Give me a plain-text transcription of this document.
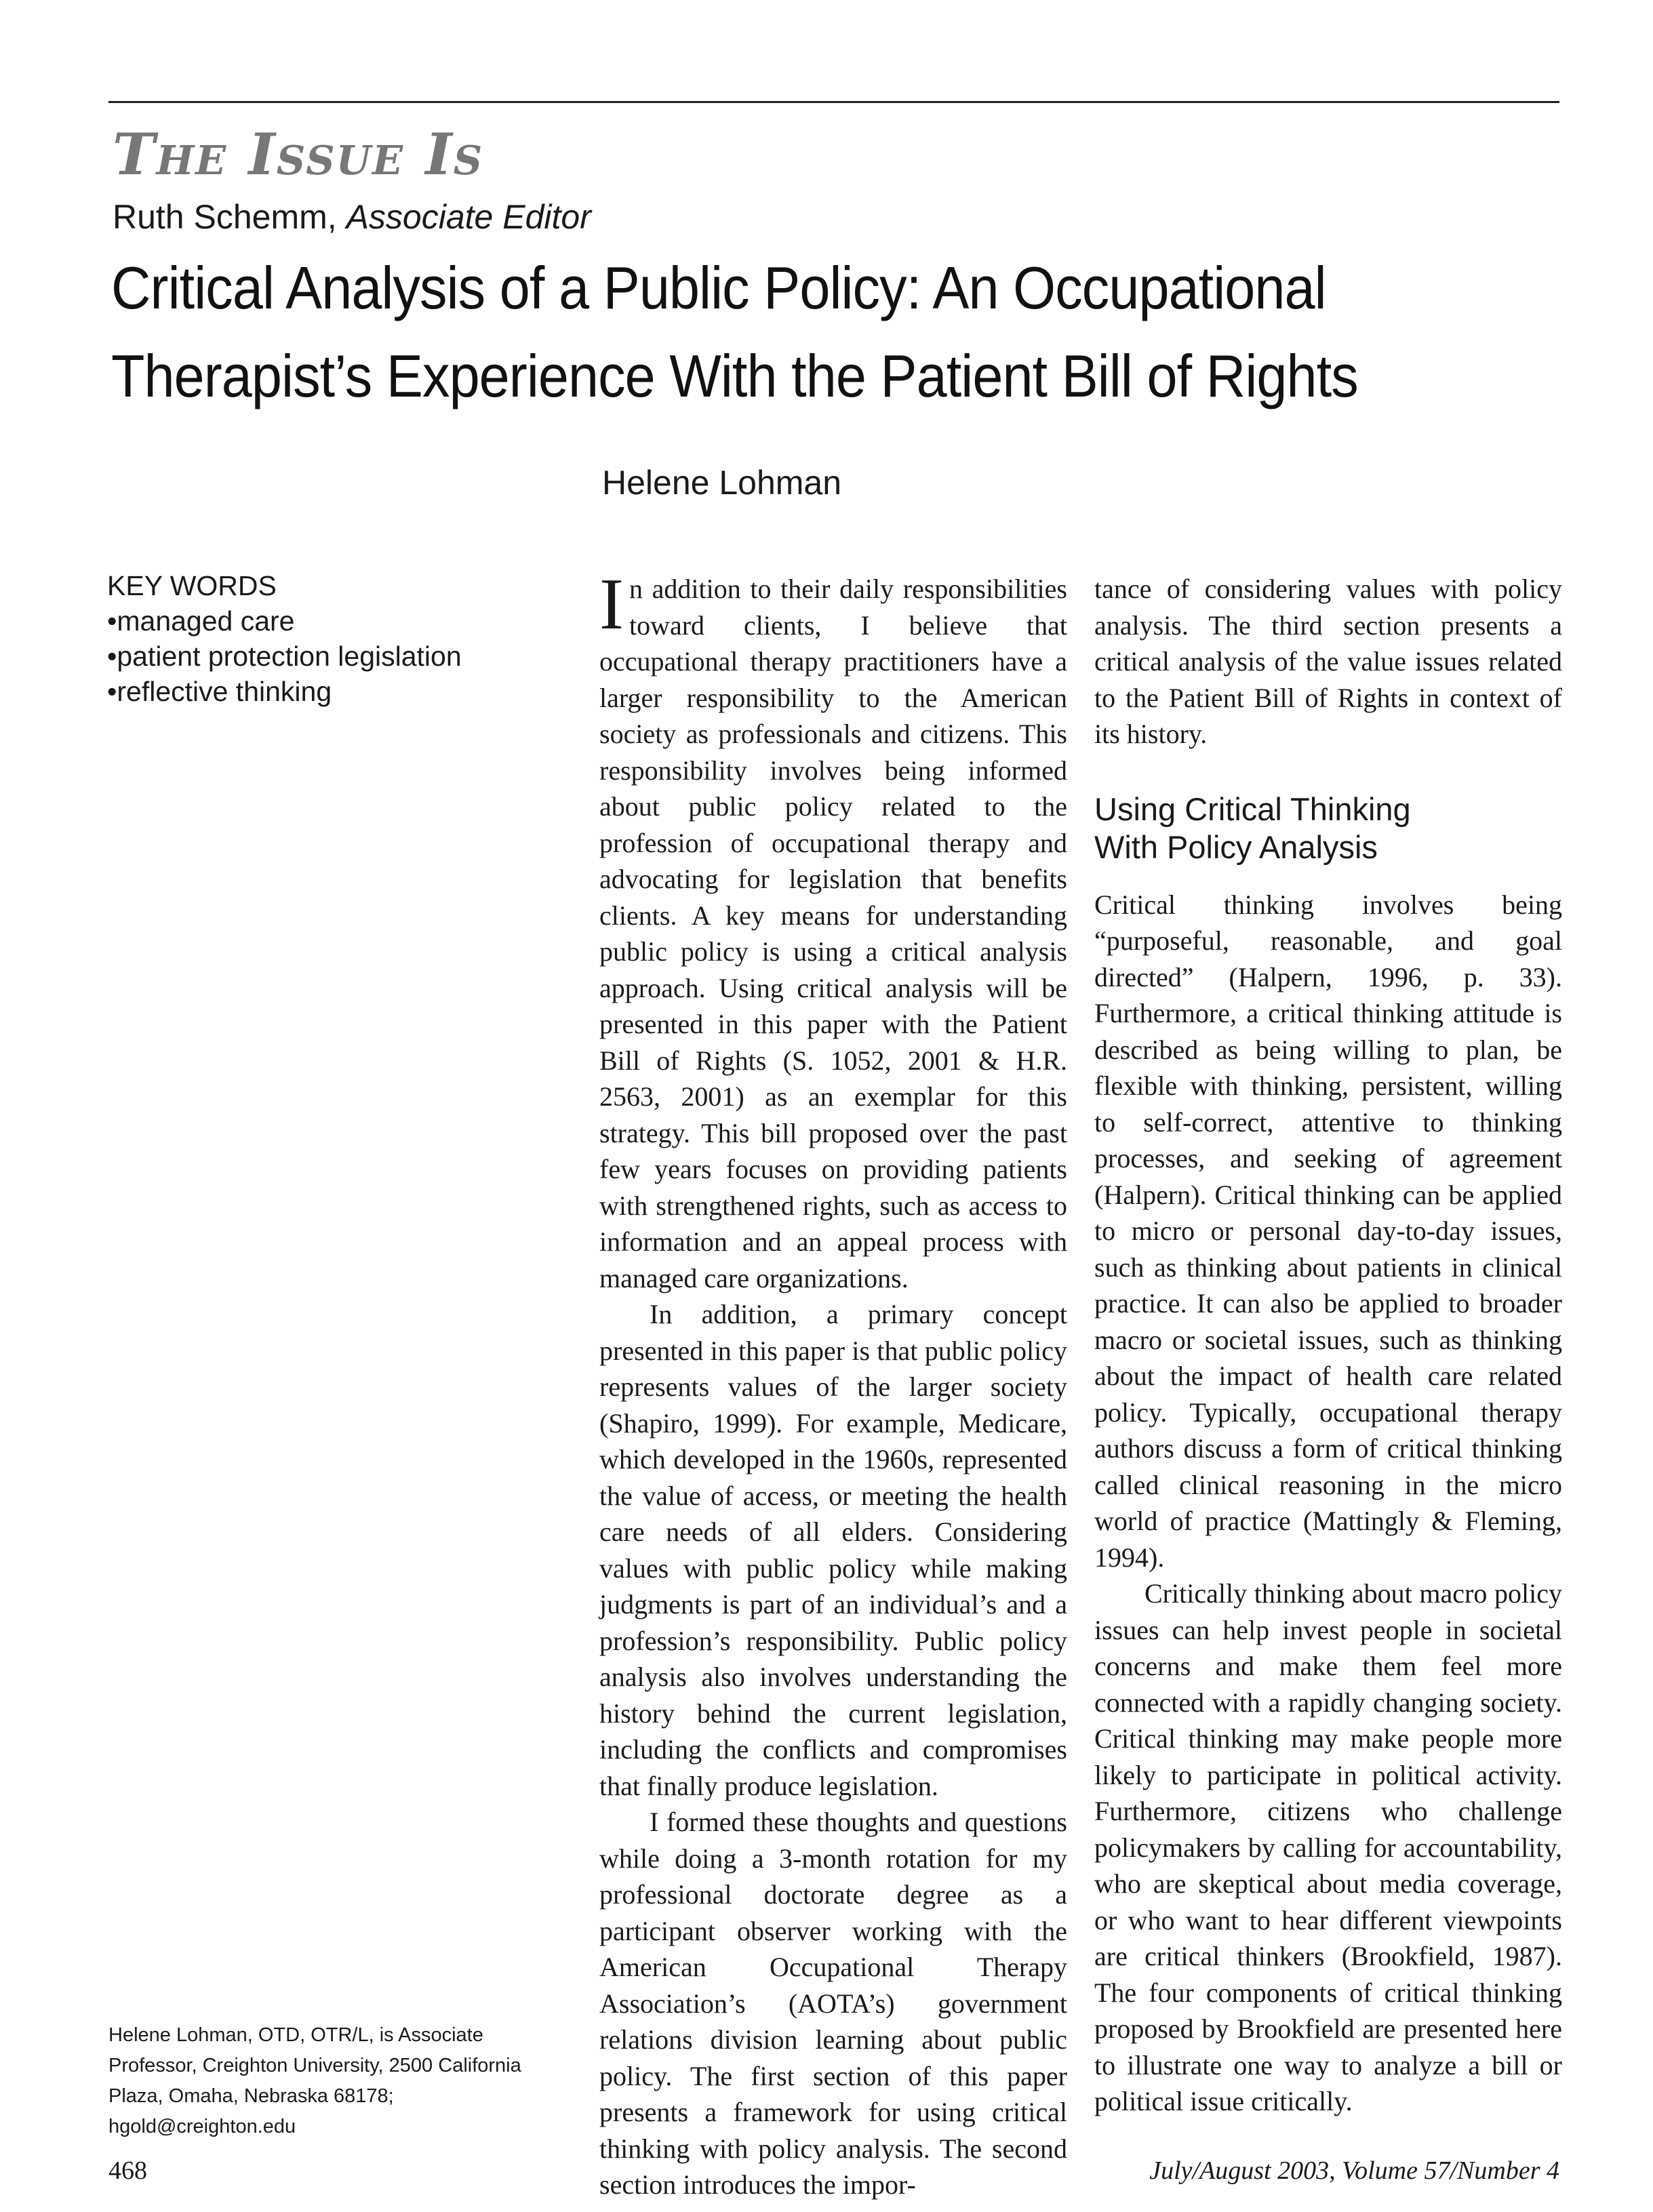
The Issue Is

Ruth Schemm, Associate Editor

Critical Analysis of a Public Policy: An Occupational
Therapist’s Experience With the Patient Bill of Rights

Helene Lohman

KEY WORDS
• managed care
• patient protection legislation
• reflective thinking

Helene Lohman, OTD, OTR/L, is Associate Professor, Creighton University, 2500 California Plaza, Omaha, Nebraska 68178; hgold@creighton.edu

In addition to their daily responsibilities toward clients, I believe that occupational therapy practitioners have a larger responsibility to the American society as professionals and citizens. This responsibility involves being informed about public policy related to the profession of occupational therapy and advocating for legislation that benefits clients. A key means for understanding public policy is using a critical analysis approach. Using critical analysis will be presented in this paper with the Patient Bill of Rights (S. 1052, 2001 & H.R. 2563, 2001) as an exemplar for this strategy. This bill proposed over the past few years focuses on providing patients with strengthened rights, such as access to information and an appeal process with managed care organizations.

In addition, a primary concept presented in this paper is that public policy represents values of the larger society (Shapiro, 1999). For example, Medicare, which developed in the 1960s, represented the value of access, or meeting the health care needs of all elders. Considering values with public policy while making judgments is part of an individual’s and a profession’s responsibility. Public policy analysis also involves understanding the history behind the current legislation, including the conflicts and compromises that finally produce legislation.

I formed these thoughts and questions while doing a 3-month rotation for my professional doctorate degree as a participant observer working with the American Occupational Therapy Association’s (AOTA’s) government relations division learning about public policy. The first section of this paper presents a framework for using critical thinking with policy analysis. The second section introduces the impor-

tance of considering values with policy analysis. The third section presents a critical analysis of the value issues related to the Patient Bill of Rights in context of its history.

Using Critical Thinking
With Policy Analysis

Critical thinking involves being “purposeful, reasonable, and goal directed” (Halpern, 1996, p. 33). Furthermore, a critical thinking attitude is described as being willing to plan, be flexible with thinking, persistent, willing to self-correct, attentive to thinking processes, and seeking of agreement (Halpern). Critical thinking can be applied to micro or personal day-to-day issues, such as thinking about patients in clinical practice. It can also be applied to broader macro or societal issues, such as thinking about the impact of health care related policy. Typically, occupational therapy authors discuss a form of critical thinking called clinical reasoning in the micro world of practice (Mattingly & Fleming, 1994).

Critically thinking about macro policy issues can help invest people in societal concerns and make them feel more connected with a rapidly changing society. Critical thinking may make people more likely to participate in political activity. Furthermore, citizens who challenge policymakers by calling for accountability, who are skeptical about media coverage, or who want to hear different viewpoints are critical thinkers (Brookfield, 1987). The four components of critical thinking proposed by Brookfield are presented here to illustrate one way to analyze a bill or political issue critically.

468	July/August 2003, Volume 57/Number 4
